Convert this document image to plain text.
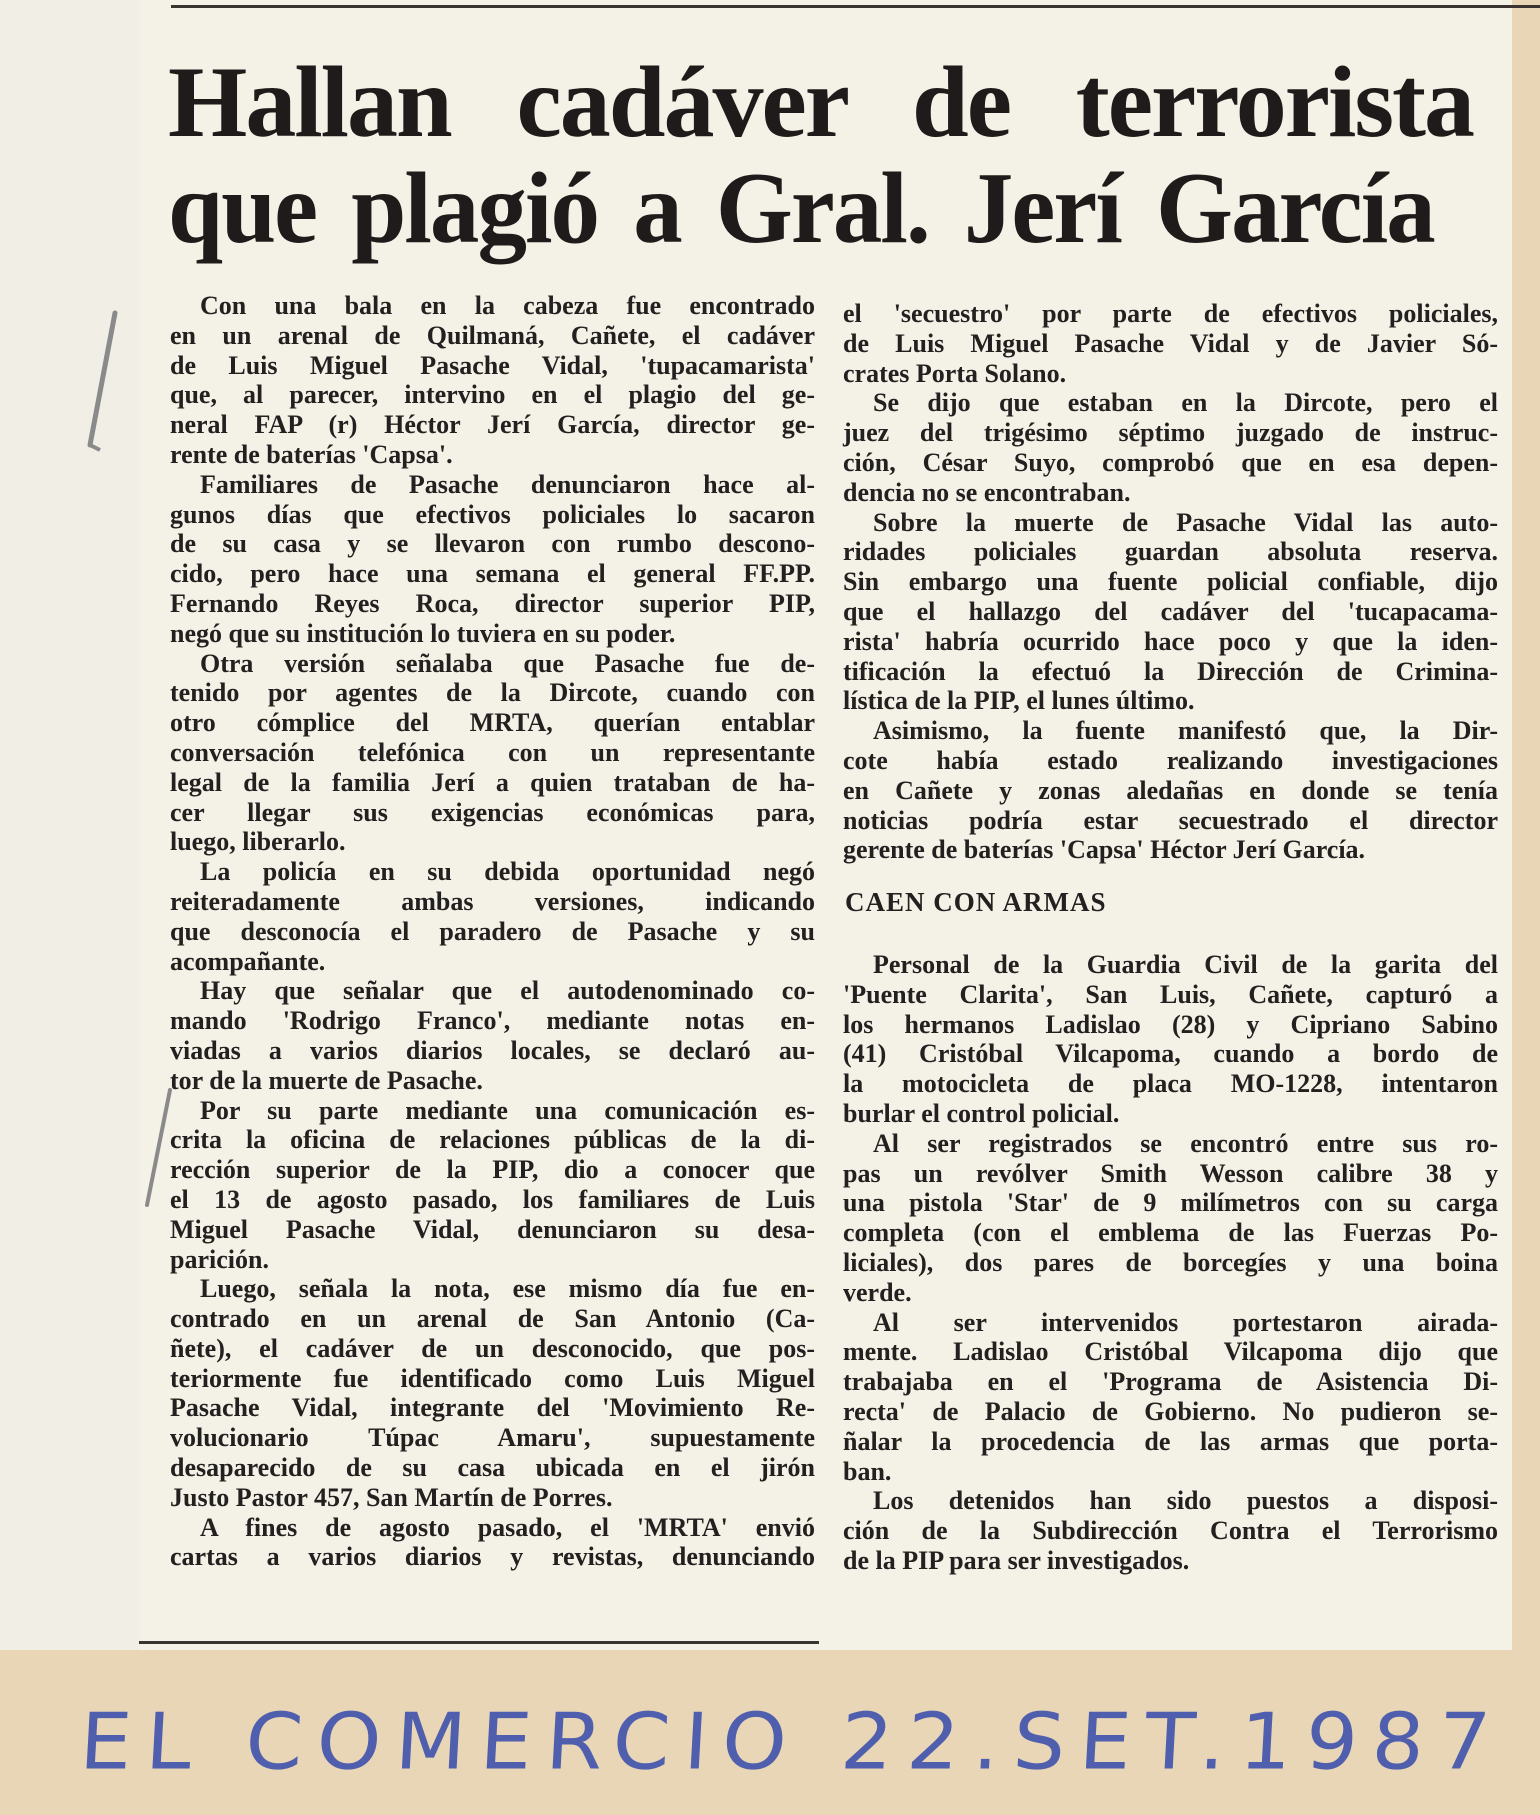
Hallan cadáver de terrorista
que plagió a Gral. Jerí García
Con una bala en la cabeza fue encontrado
en un arenal de Quilmaná, Cañete, el cadáver
de Luis Miguel Pasache Vidal, 'tupacamarista'
que, al parecer, intervino en el plagio del ge-
neral FAP (r) Héctor Jerí García, director ge-
rente de baterías 'Capsa'.
Familiares de Pasache denunciaron hace al-
gunos días que efectivos policiales lo sacaron
de su casa y se llevaron con rumbo descono-
cido, pero hace una semana el general FF.PP.
Fernando Reyes Roca, director superior PIP,
negó que su institución lo tuviera en su poder.
Otra versión señalaba que Pasache fue de-
tenido por agentes de la Dircote, cuando con
otro cómplice del MRTA, querían entablar
conversación telefónica con un representante
legal de la familia Jerí a quien trataban de ha-
cer llegar sus exigencias económicas para,
luego, liberarlo.
La policía en su debida oportunidad negó
reiteradamente ambas versiones, indicando
que desconocía el paradero de Pasache y su
acompañante.
Hay que señalar que el autodenominado co-
mando 'Rodrigo Franco', mediante notas en-
viadas a varios diarios locales, se declaró au-
tor de la muerte de Pasache.
Por su parte mediante una comunicación es-
crita la oficina de relaciones públicas de la di-
rección superior de la PIP, dio a conocer que
el 13 de agosto pasado, los familiares de Luis
Miguel Pasache Vidal, denunciaron su desa-
parición.
Luego, señala la nota, ese mismo día fue en-
contrado en un arenal de San Antonio (Ca-
ñete), el cadáver de un desconocido, que pos-
teriormente fue identificado como Luis Miguel
Pasache Vidal, integrante del 'Movimiento Re-
volucionario Túpac Amaru', supuestamente
desaparecido de su casa ubicada en el jirón
Justo Pastor 457, San Martín de Porres.
A fines de agosto pasado, el 'MRTA' envió
cartas a varios diarios y revistas, denunciando
el 'secuestro' por parte de efectivos policiales,
de Luis Miguel Pasache Vidal y de Javier Só-
crates Porta Solano.
Se dijo que estaban en la Dircote, pero el
juez del trigésimo séptimo juzgado de instruc-
ción, César Suyo, comprobó que en esa depen-
dencia no se encontraban.
Sobre la muerte de Pasache Vidal las auto-
ridades policiales guardan absoluta reserva.
Sin embargo una fuente policial confiable, dijo
que el hallazgo del cadáver del 'tucapacama-
rista' habría ocurrido hace poco y que la iden-
tificación la efectuó la Dirección de Crimina-
lística de la PIP, el lunes último.
Asimismo, la fuente manifestó que, la Dir-
cote había estado realizando investigaciones
en Cañete y zonas aledañas en donde se tenía
noticias podría estar secuestrado el director
gerente de baterías 'Capsa' Héctor Jerí García.
CAEN CON ARMAS
Personal de la Guardia Civil de la garita del
'Puente Clarita', San Luis, Cañete, capturó a
los hermanos Ladislao (28) y Cipriano Sabino
(41) Cristóbal Vilcapoma, cuando a bordo de
la motocicleta de placa MO-1228, intentaron
burlar el control policial.
Al ser registrados se encontró entre sus ro-
pas un revólver Smith Wesson calibre 38 y
una pistola 'Star' de 9 milímetros con su carga
completa (con el emblema de las Fuerzas Po-
liciales), dos pares de borcegíes y una boina
verde.
Al ser intervenidos portestaron airada-
mente. Ladislao Cristóbal Vilcapoma dijo que
trabajaba en el 'Programa de Asistencia Di-
recta' de Palacio de Gobierno. No pudieron se-
ñalar la procedencia de las armas que porta-
ban.
Los detenidos han sido puestos a disposi-
ción de la Subdirección Contra el Terrorismo
de la PIP para ser investigados.
EL COMERCIO 22.SET.1987
